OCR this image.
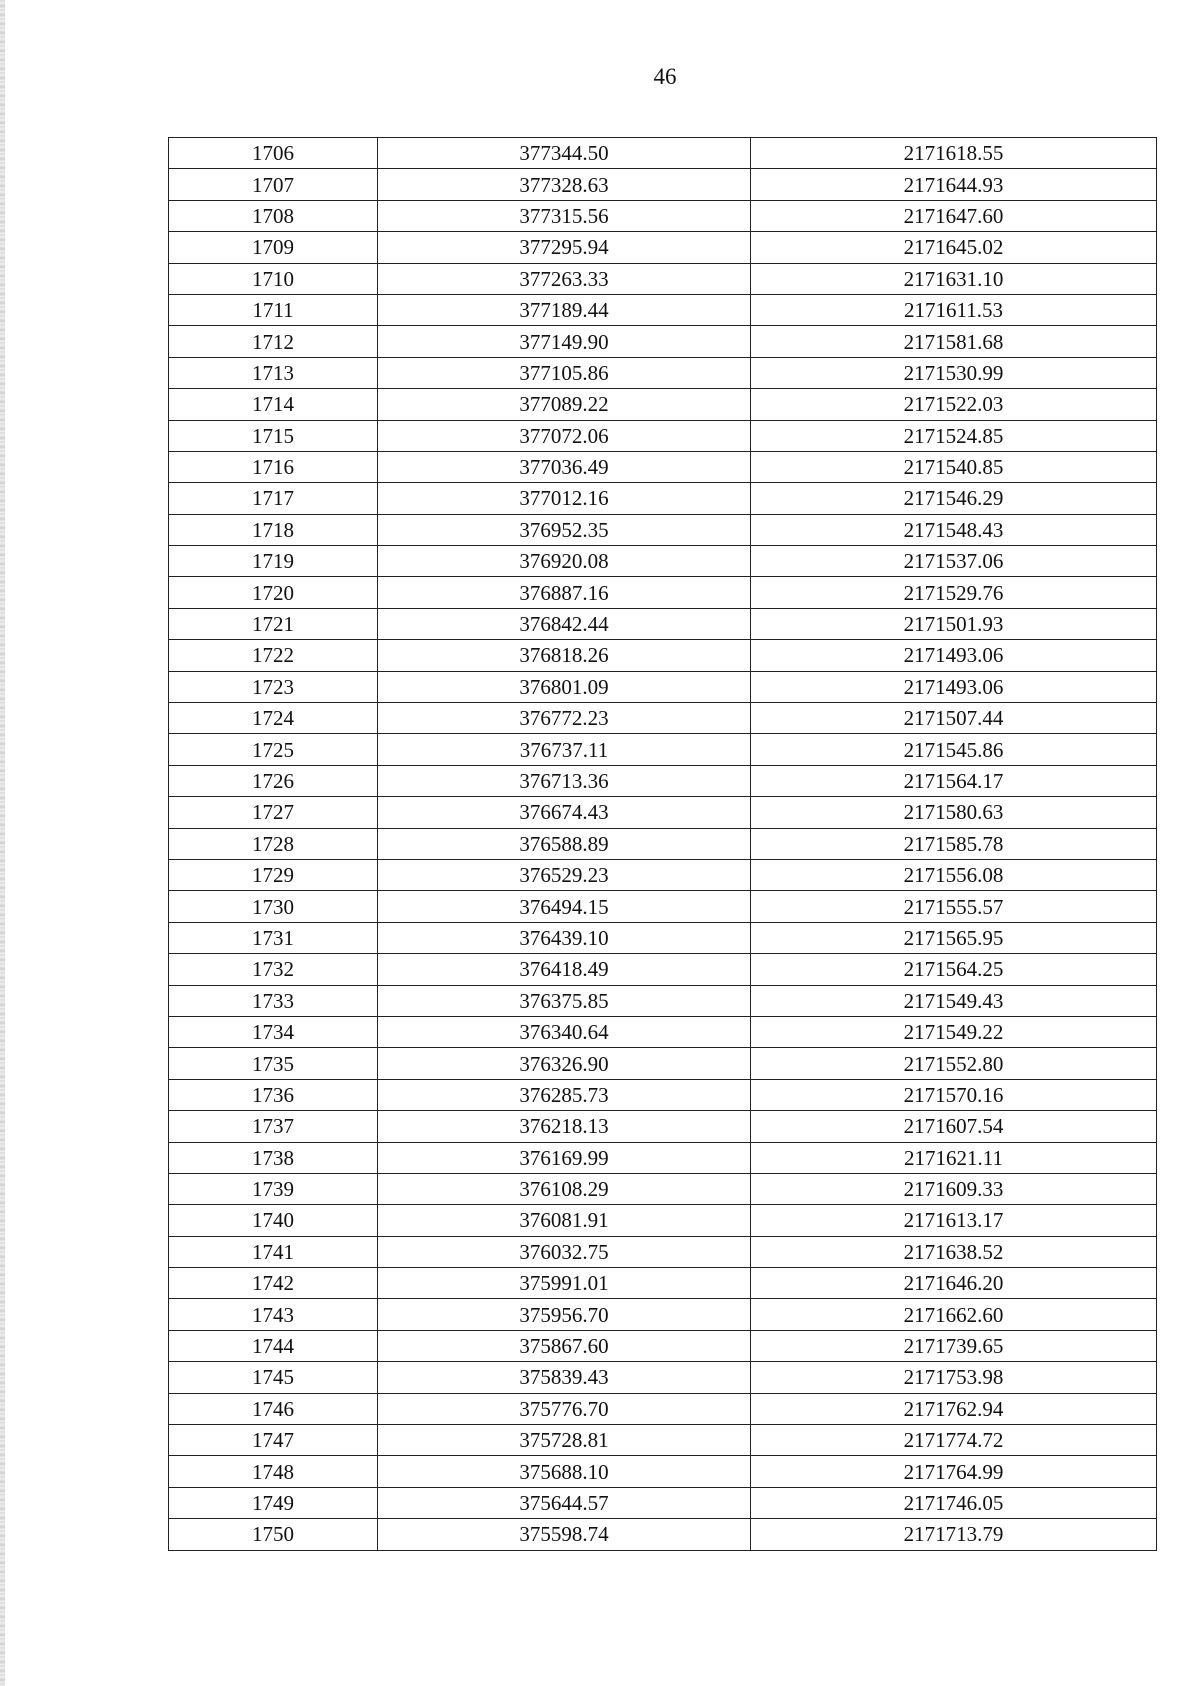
46
1706	377344.50	2171618.55
1707	377328.63	2171644.93
1708	377315.56	2171647.60
1709	377295.94	2171645.02
1710	377263.33	2171631.10
1711	377189.44	2171611.53
1712	377149.90	2171581.68
1713	377105.86	2171530.99
1714	377089.22	2171522.03
1715	377072.06	2171524.85
1716	377036.49	2171540.85
1717	377012.16	2171546.29
1718	376952.35	2171548.43
1719	376920.08	2171537.06
1720	376887.16	2171529.76
1721	376842.44	2171501.93
1722	376818.26	2171493.06
1723	376801.09	2171493.06
1724	376772.23	2171507.44
1725	376737.11	2171545.86
1726	376713.36	2171564.17
1727	376674.43	2171580.63
1728	376588.89	2171585.78
1729	376529.23	2171556.08
1730	376494.15	2171555.57
1731	376439.10	2171565.95
1732	376418.49	2171564.25
1733	376375.85	2171549.43
1734	376340.64	2171549.22
1735	376326.90	2171552.80
1736	376285.73	2171570.16
1737	376218.13	2171607.54
1738	376169.99	2171621.11
1739	376108.29	2171609.33
1740	376081.91	2171613.17
1741	376032.75	2171638.52
1742	375991.01	2171646.20
1743	375956.70	2171662.60
1744	375867.60	2171739.65
1745	375839.43	2171753.98
1746	375776.70	2171762.94
1747	375728.81	2171774.72
1748	375688.10	2171764.99
1749	375644.57	2171746.05
1750	375598.74	2171713.79
